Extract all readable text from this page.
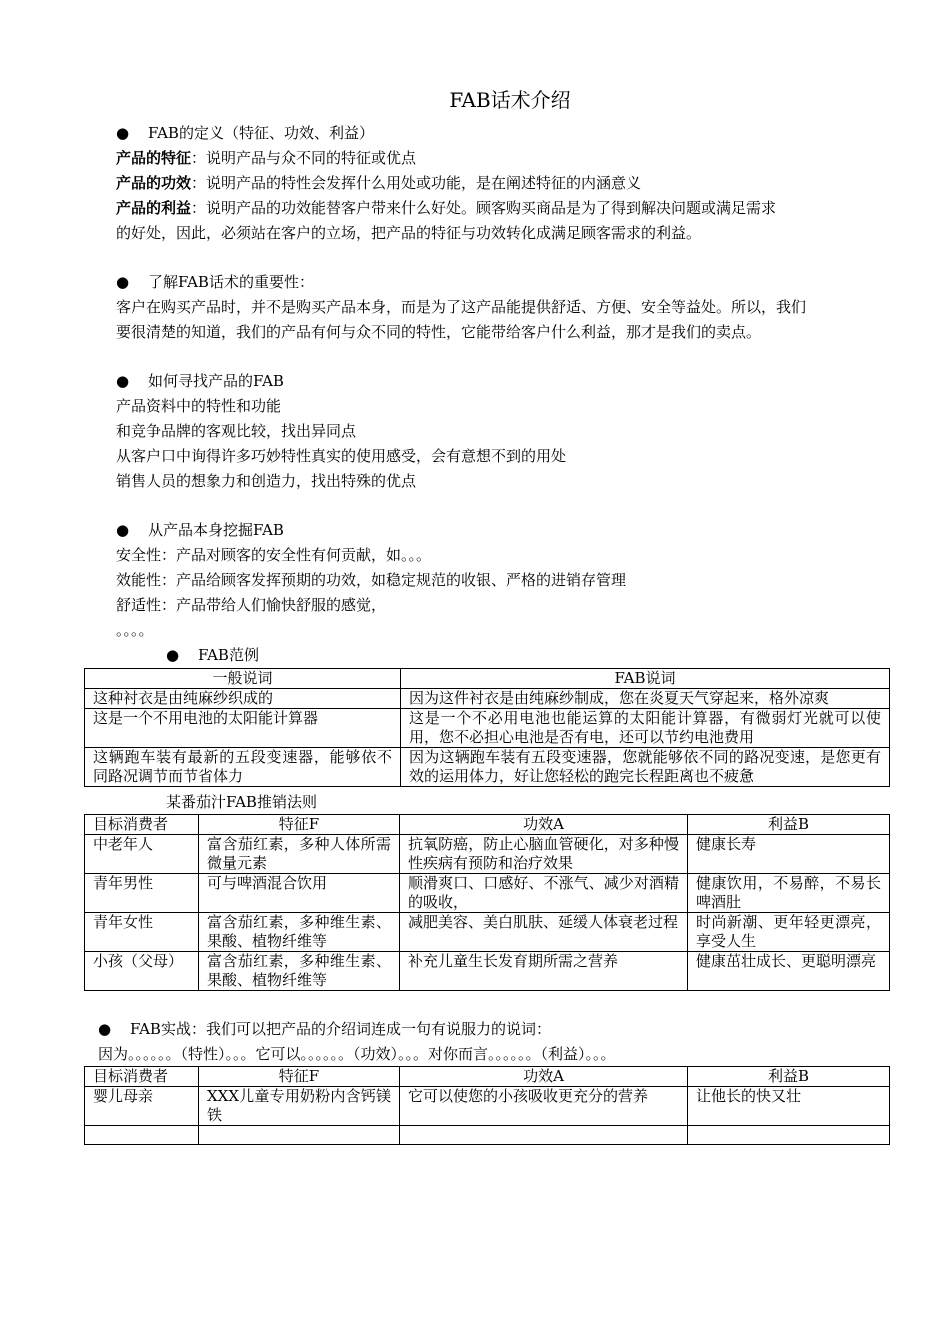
FAB话术介绍
● FAB的定义（特征、功效、利益）
产品的特征：说明产品与众不同的特征或优点
产品的功效：说明产品的特性会发挥什么用处或功能，是在阐述特征的内涵意义
产品的利益：说明产品的功效能替客户带来什么好处。顾客购买商品是为了得到解决问题或满足需求
的好处，因此，必须站在客户的立场，把产品的特征与功效转化成满足顾客需求的利益。
● 了解FAB话术的重要性：
客户在购买产品时，并不是购买产品本身，而是为了这产品能提供舒适、方便、安全等益处。所以，我们
要很清楚的知道，我们的产品有何与众不同的特性，它能带给客户什么利益，那才是我们的卖点。
● 如何寻找产品的FAB
产品资料中的特性和功能
和竞争品牌的客观比较，找出异同点
从客户口中询得许多巧妙特性真实的使用感受，会有意想不到的用处
销售人员的想象力和创造力，找出特殊的优点
● 从产品本身挖掘FAB
安全性：产品对顾客的安全性有何贡献，如。。。
效能性：产品给顾客发挥预期的功效，如稳定规范的收银、严格的进销存管理
舒适性：产品带给人们愉快舒服的感觉，
。。。。
● FAB范例
一般说词	FAB说词
这种衬衣是由纯麻纱织成的	因为这件衬衣是由纯麻纱制成，您在炎夏天气穿起来，格外凉爽
这是一个不用电池的太阳能计算器	这是一个不必用电池也能运算的太阳能计算器，有微弱灯光就可以使用，您不必担心电池是否有电，还可以节约电池费用
这辆跑车装有最新的五段变速器，能够依不同路况调节而节省体力	因为这辆跑车装有五段变速器，您就能够依不同的路况变速，是您更有效的运用体力，好让您轻松的跑完长程距离也不疲惫
某番茄汁FAB推销法则
目标消费者	特征F	功效A	利益B
中老年人	富含茄红素，多种人体所需微量元素	抗氧防癌，防止心脑血管硬化，对多种慢性疾病有预防和治疗效果	健康长寿
青年男性	可与啤酒混合饮用	顺滑爽口、口感好、不涨气、减少对酒精的吸收，	健康饮用，不易醉，不易长啤酒肚
青年女性	富含茄红素，多种维生素、果酸、植物纤维等	减肥美容、美白肌肤、延缓人体衰老过程	时尚新潮、更年轻更漂亮，享受人生
小孩（父母）	富含茄红素，多种维生素、果酸、植物纤维等	补充儿童生长发育期所需之营养	健康茁壮成长、更聪明漂亮
● FAB实战：我们可以把产品的介绍词连成一句有说服力的说词：
因为。。。。。。（特性）。。。它可以。。。。。。（功效）。。。对你而言。。。。。。（利益）。。。
目标消费者	特征F	功效A	利益B
婴儿母亲	XXX儿童专用奶粉内含钙镁铁	它可以使您的小孩吸收更充分的营养	让他长的快又壮
